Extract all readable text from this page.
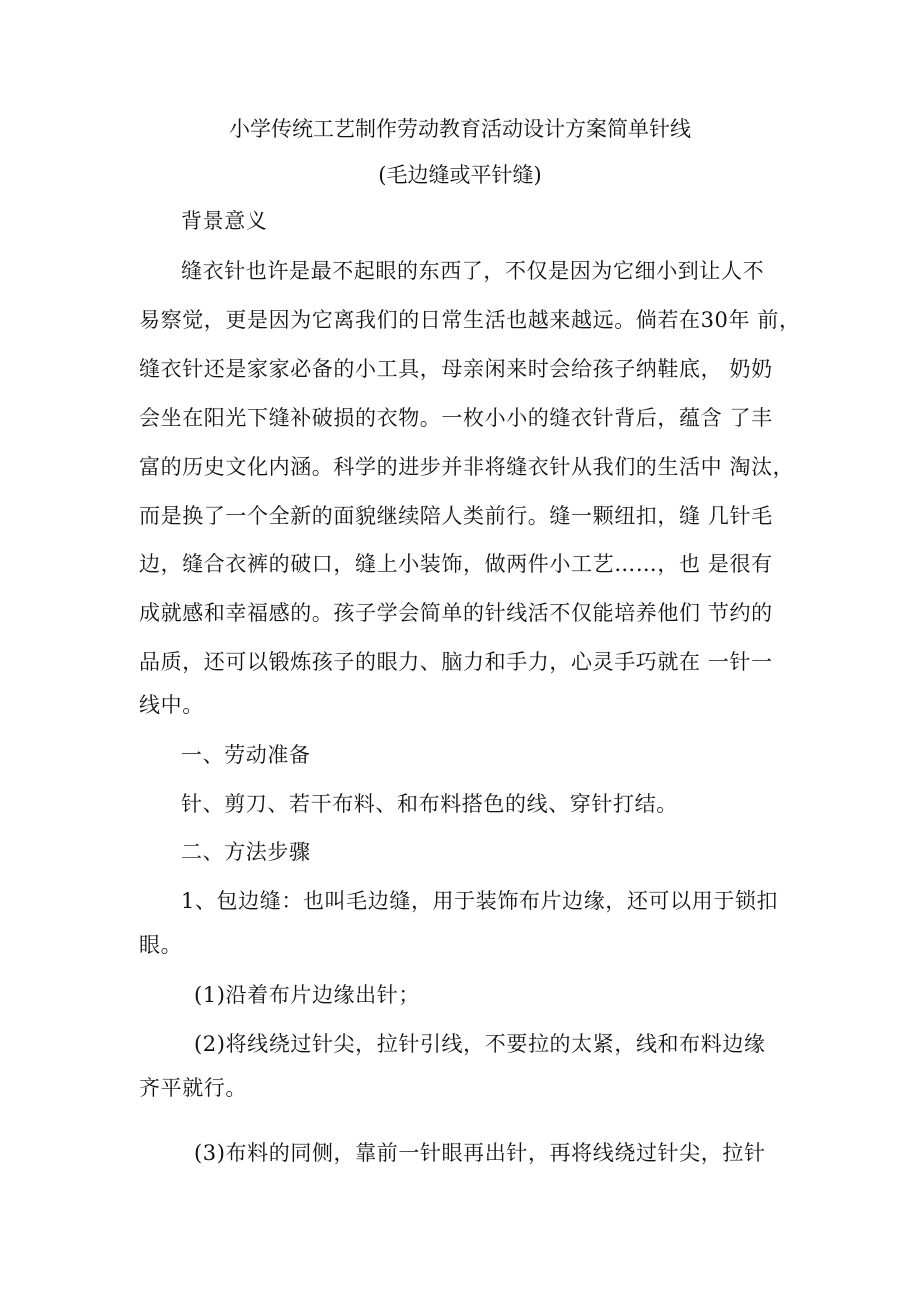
小学传统工艺制作劳动教育活动设计方案简单针线
(毛边缝或平针缝)
背景意义
缝衣针也许是最不起眼的东西了，不仅是因为它细小到让人不
易察觉，更是因为它离我们的日常生活也越来越远。倘若在30年 前，
缝衣针还是家家必备的小工具，母亲闲来时会给孩子纳鞋底， 奶奶
会坐在阳光下缝补破损的衣物。一枚小小的缝衣针背后，蕴含 了丰
富的历史文化内涵。科学的进步并非将缝衣针从我们的生活中 淘汰，
而是换了一个全新的面貌继续陪人类前行。缝一颗纽扣，缝 几针毛
边，缝合衣裤的破口，缝上小装饰，做两件小工艺……，也 是很有
成就感和幸福感的。孩子学会简单的针线活不仅能培养他们 节约的
品质，还可以锻炼孩子的眼力、脑力和手力，心灵手巧就在 一针一
线中。
一、劳动准备
针、剪刀、若干布料、和布料搭色的线、穿针打结。
二、方法步骤
1、包边缝：也叫毛边缝，用于装饰布片边缘，还可以用于锁扣
眼。
(1)沿着布片边缘出针；
(2)将线绕过针尖，拉针引线，不要拉的太紧，线和布料边缘
齐平就行。
(3)布料的同侧，靠前一针眼再出针，再将线绕过针尖，拉针
